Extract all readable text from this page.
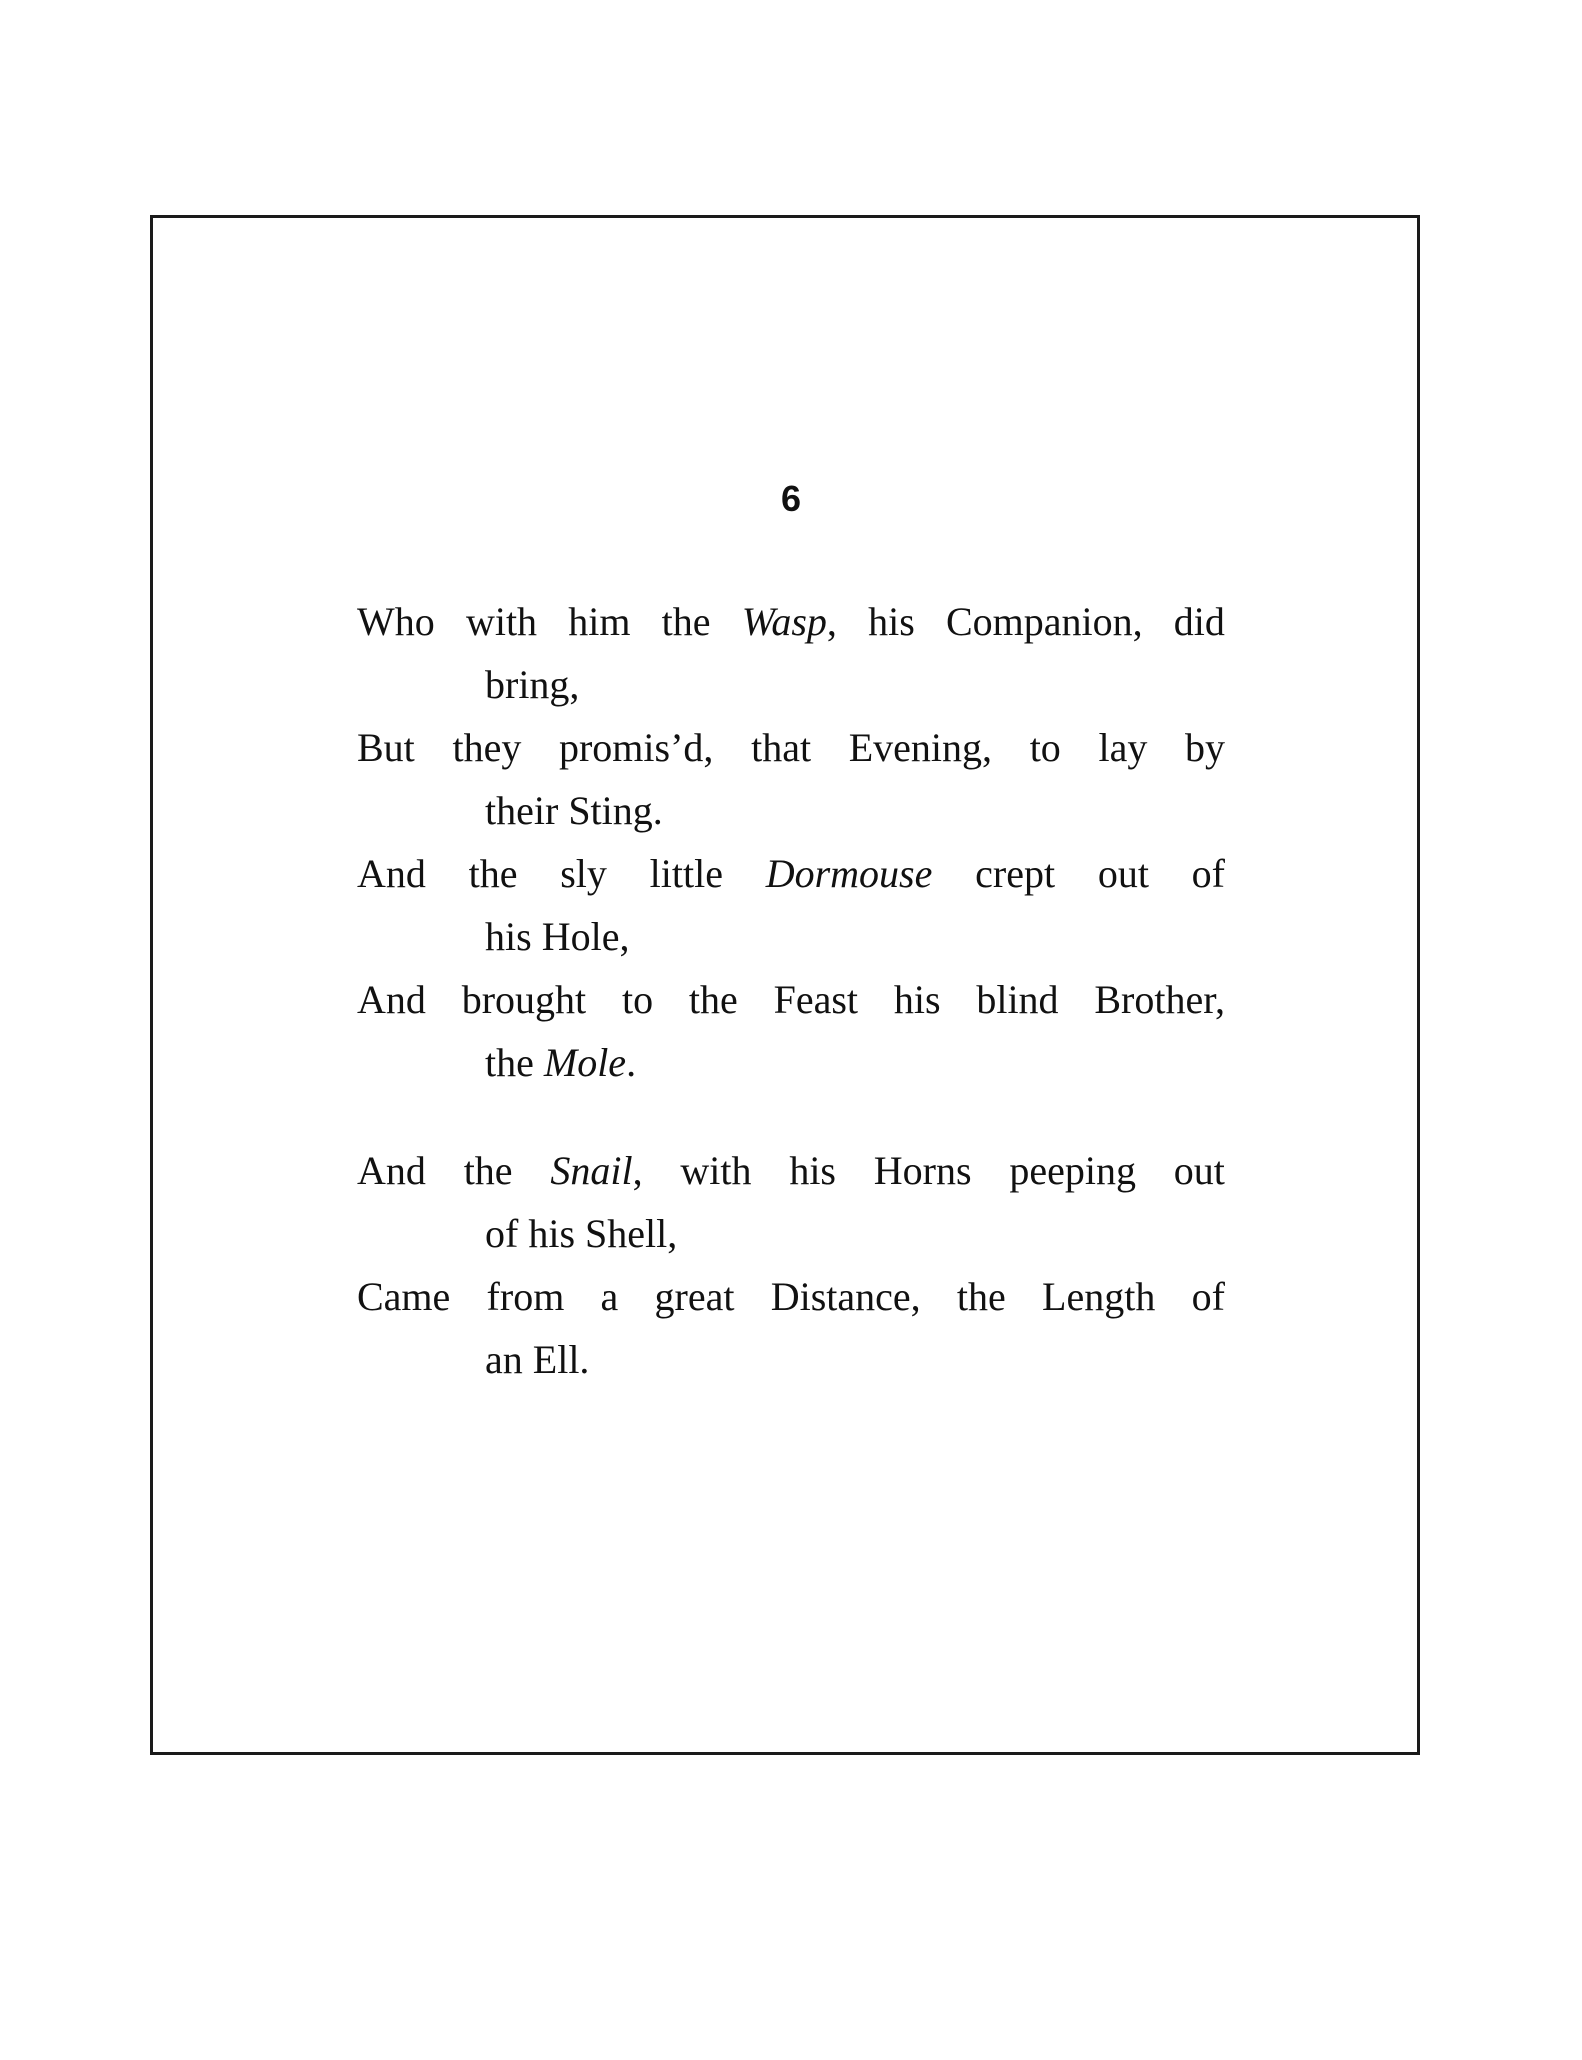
6
Who with him the Wasp, his Companion, did
bring,
But they promis’d, that Evening, to lay by
their Sting.
And the sly little Dormouse crept out of
his Hole,
And brought to the Feast his blind Brother,
the Mole.
And the Snail, with his Horns peeping out
of his Shell,
Came from a great Distance, the Length of
an Ell.
